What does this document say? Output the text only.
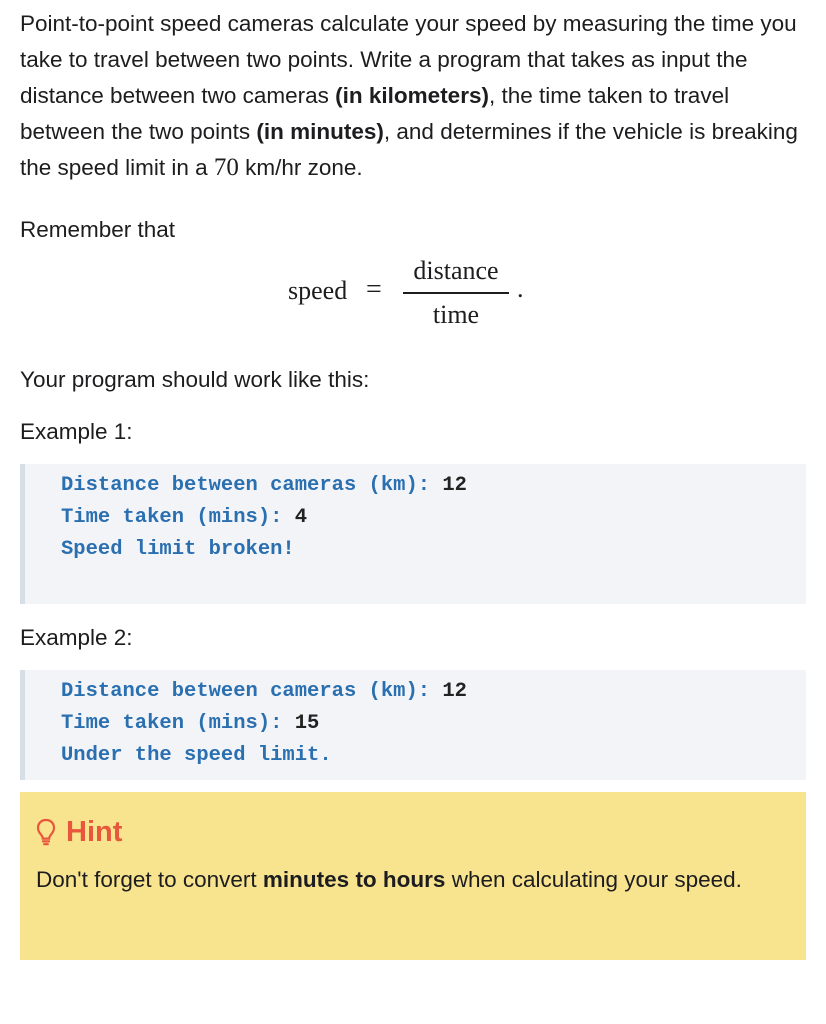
Point-to-point speed cameras calculate your speed by measuring the time you take to travel between two points. Write a program that takes as input the distance between two cameras (in kilometers), the time taken to travel between the two points (in minutes), and determines if the vehicle is breaking the speed limit in a 70 km/hr zone.

Remember that

speed =
distance
time
.

Your program should work like this:

Example 1:

Distance between cameras (km): 12
Time taken (mins): 4
Speed limit broken!

Example 2:

Distance between cameras (km): 12
Time taken (mins): 15
Under the speed limit.
Hint
Don't forget to convert minutes to hours when calculating your speed.
